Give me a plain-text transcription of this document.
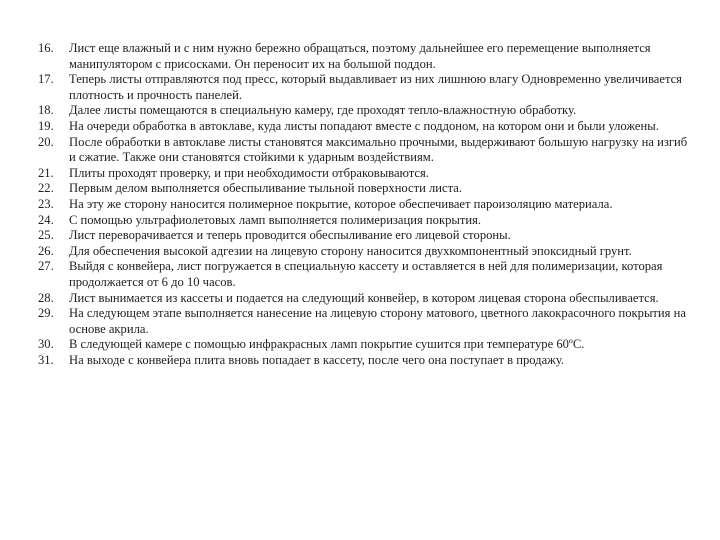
16.	Лист еще влажный и с ним нужно бережно обращаться, поэтому дальнейшее его перемещение выполняется манипулятором с присосками. Он переносит их на большой поддон.
17.	Теперь листы отправляются под пресс, который выдавливает из них лишнюю влагу Одновременно увеличивается плотность и прочность панелей.
18.	Далее листы помещаются в специальную камеру, где проходят тепло-влажностную обработку.
19.	На очереди обработка в автоклаве, куда листы попадают вместе с поддоном, на котором они и были уложены.
20.	После обработки в автоклаве листы становятся максимально прочными, выдерживают большую нагрузку на изгиб и сжатие. Также они становятся стойкими к ударным воздействиям.
21.	Плиты проходят проверку, и при необходимости отбраковываются.
22.	Первым делом выполняется обеспыливание тыльной поверхности листа.
23.	На эту же сторону наносится полимерное покрытие, которое обеспечивает пароизоляцию материала.
24.	С помощью ультрафиолетовых ламп выполняется полимеризация покрытия.
25.	Лист переворачивается и теперь проводится обеспыливание его лицевой стороны.
26.	Для обеспечения высокой адгезии на лицевую сторону наносится двухкомпонентный эпоксидный грунт.
27.	Выйдя с конвейера, лист погружается в специальную кассету и оставляется в ней для полимеризации, которая продолжается от 6 до 10 часов.
28.	Лист вынимается из кассеты и подается на следующий конвейер, в котором лицевая сторона обеспыливается.
29.	На следующем этапе выполняется нанесение на лицевую сторону матового, цветного лакокрасочного покрытия на основе акрила.
30.	В следующей камере с помощью инфракрасных ламп покрытие сушится при температуре 60ºС.
31.	На выходе с конвейера плита вновь попадает в кассету, после чего она поступает в продажу.
